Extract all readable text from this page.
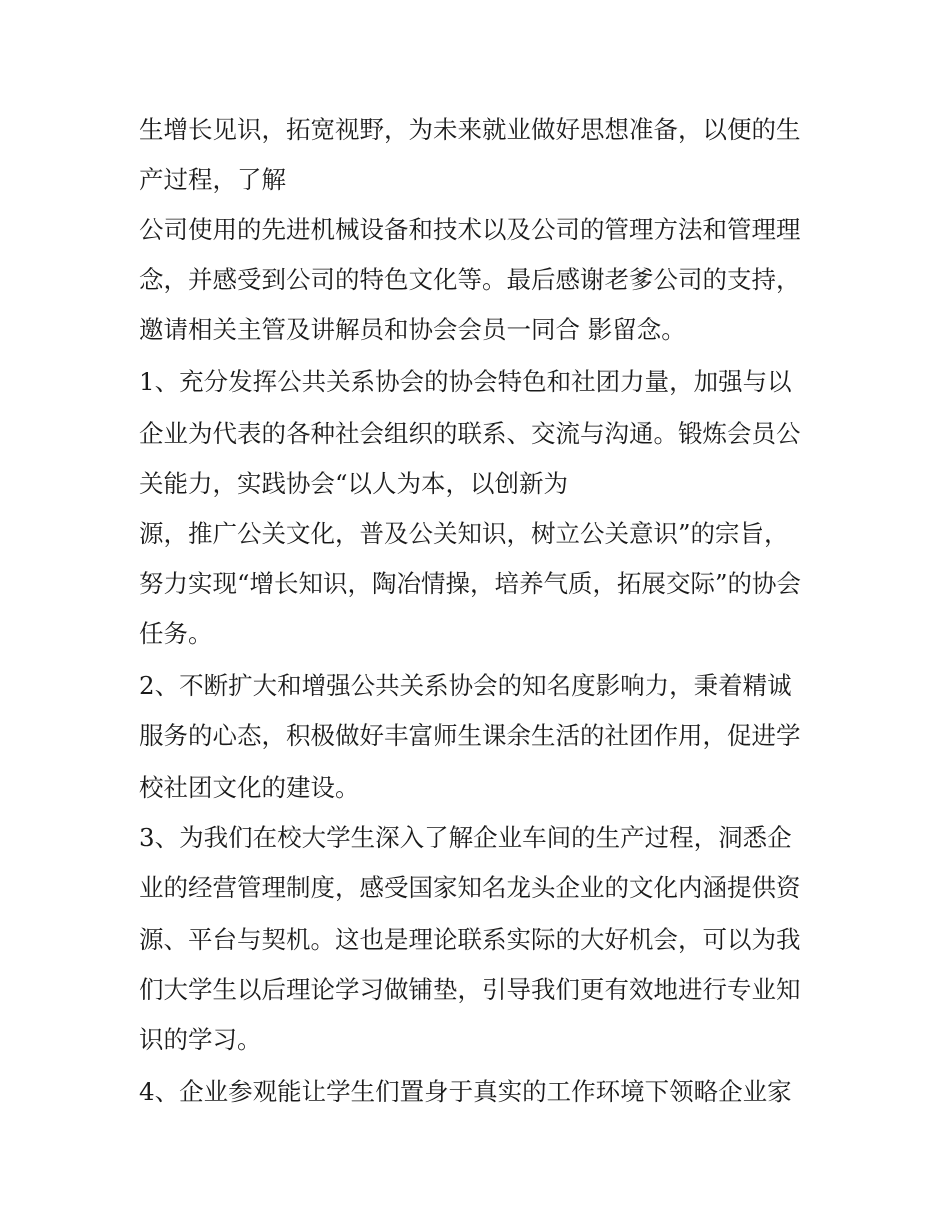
生增长见识，拓宽视野，为未来就业做好思想准备，以便的生
产过程，了解
公司使用的先进机械设备和技术以及公司的管理方法和管理理
念，并感受到公司的特色文化等。最后感谢老爹公司的支持，
邀请相关主管及讲解员和协会会员一同合 影留念。
1、充分发挥公共关系协会的协会特色和社团力量，加强与以
企业为代表的各种社会组织的联系、交流与沟通。锻炼会员公
关能力，实践协会“以人为本，以创新为
源，推广公关文化，普及公关知识，树立公关意识”的宗旨，
努力实现“增长知识，陶冶情操，培养气质，拓展交际”的协会
任务。
2、不断扩大和增强公共关系协会的知名度影响力，秉着精诚
服务的心态，积极做好丰富师生课余生活的社团作用，促进学
校社团文化的建设。
3、为我们在校大学生深入了解企业车间的生产过程，洞悉企
业的经营管理制度，感受国家知名龙头企业的文化内涵提供资
源、平台与契机。这也是理论联系实际的大好机会，可以为我
们大学生以后理论学习做铺垫，引导我们更有效地进行专业知
识的学习。
4、企业参观能让学生们置身于真实的工作环境下领略企业家
